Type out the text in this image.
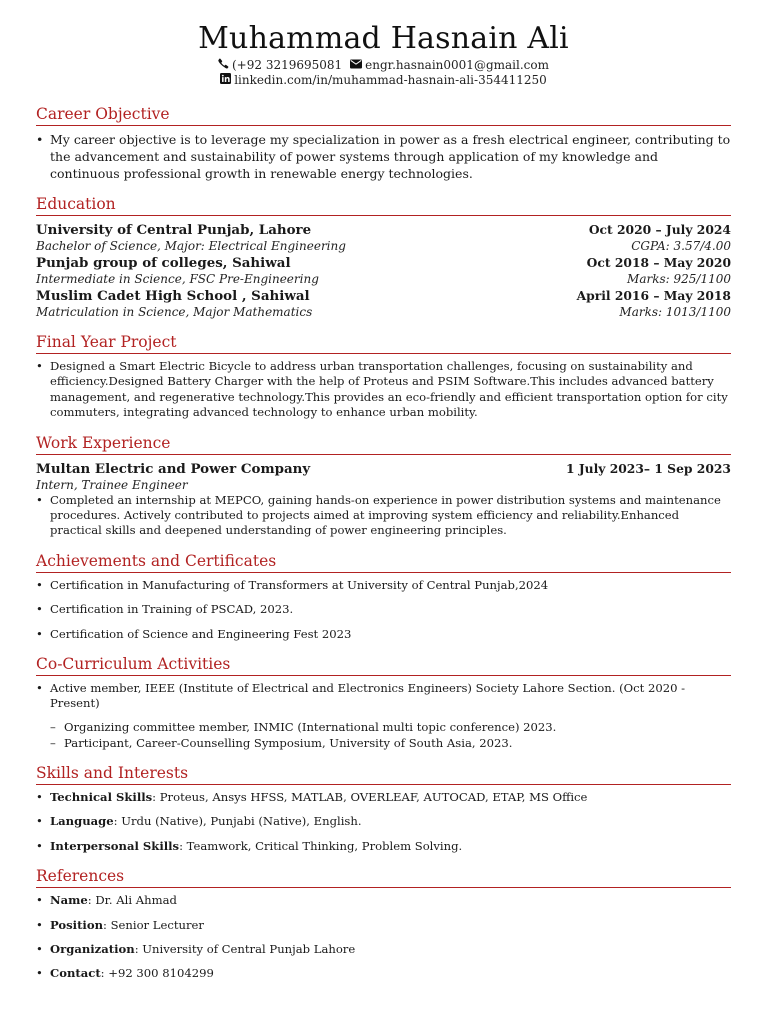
Muhammad Hasnain Ali
(+92 3219695081 engr.hasnain0001@gmail.com
linkedin.com/in/muhammad-hasnain-ali-354411250
Career Objective
• My career objective is to leverage my specialization in power as a fresh electrical engineer, contributing to the advancement and sustainability of power systems through application of my knowledge and continuous professional growth in renewable energy technologies.
Education
University of Central Punjab, Lahore	Oct 2020 – July 2024
Bachelor of Science, Major: Electrical Engineering	CGPA: 3.57/4.00
Punjab group of colleges, Sahiwal	Oct 2018 – May 2020
Intermediate in Science, FSC Pre-Engineering	Marks: 925/1100
Muslim Cadet High School , Sahiwal	April 2016 – May 2018
Matriculation in Science, Major Mathematics	Marks: 1013/1100
Final Year Project
• Designed a Smart Electric Bicycle to address urban transportation challenges, focusing on sustainability and efficiency.Designed Battery Charger with the help of Proteus and PSIM Software.This includes advanced battery management, and regenerative technology.This provides an eco-friendly and efficient transportation option for city commuters, integrating advanced technology to enhance urban mobility.
Work Experience
Multan Electric and Power Company	1 July 2023– 1 Sep 2023
Intern, Trainee Engineer
• Completed an internship at MEPCO, gaining hands-on experience in power distribution systems and maintenance procedures. Actively contributed to projects aimed at improving system efficiency and reliability.Enhanced practical skills and deepened understanding of power engineering principles.
Achievements and Certificates
• Certification in Manufacturing of Transformers at University of Central Punjab,2024
• Certification in Training of PSCAD, 2023.
• Certification of Science and Engineering Fest 2023
Co-Curriculum Activities
• Active member, IEEE (Institute of Electrical and Electronics Engineers) Society Lahore Section. (Oct 2020 - Present)
– Organizing committee member, INMIC (International multi topic conference) 2023.
– Participant, Career-Counselling Symposium, University of South Asia, 2023.
Skills and Interests
• Technical Skills: Proteus, Ansys HFSS, MATLAB, OVERLEAF, AUTOCAD, ETAP, MS Office
• Language: Urdu (Native), Punjabi (Native), English.
• Interpersonal Skills: Teamwork, Critical Thinking, Problem Solving.
References
• Name: Dr. Ali Ahmad
• Position: Senior Lecturer
• Organization: University of Central Punjab Lahore
• Contact: +92 300 8104299
